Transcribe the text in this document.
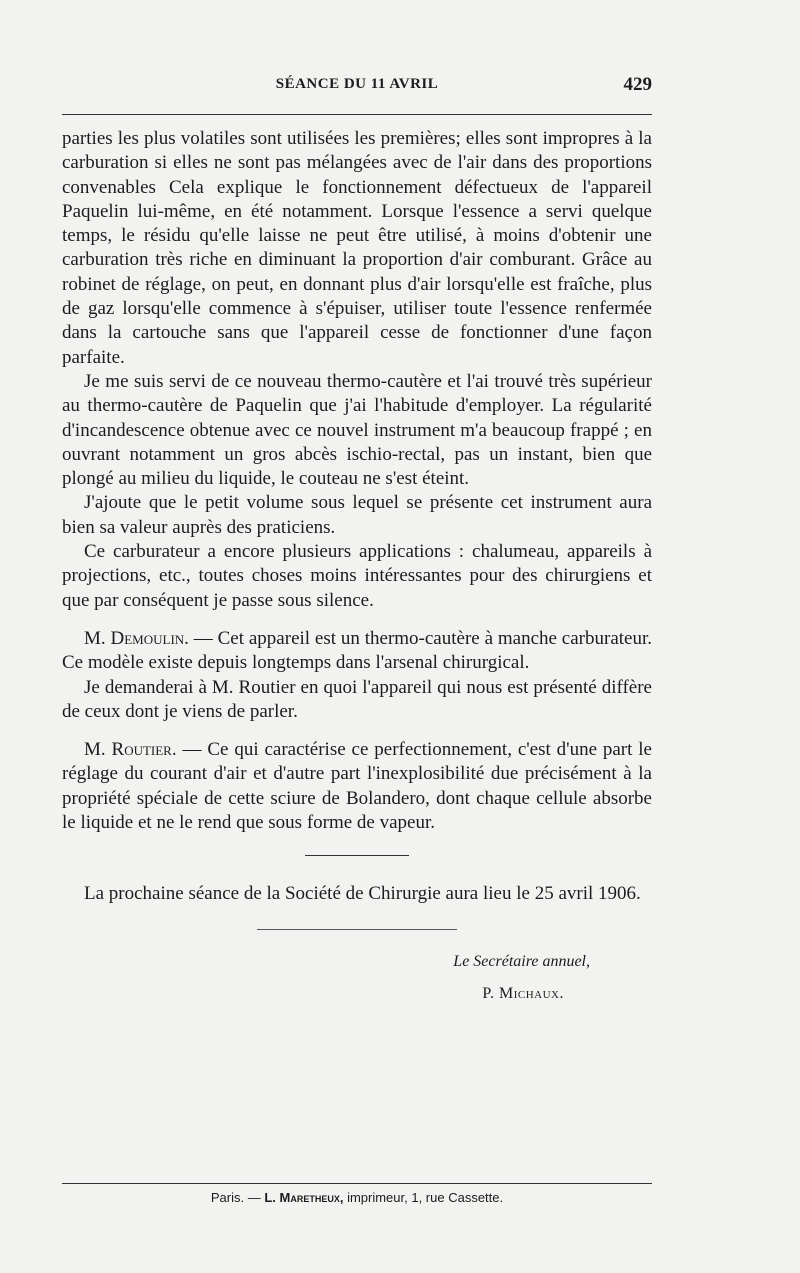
SÉANCE DU 11 AVRIL	429

parties les plus volatiles sont utilisées les premières; elles sont impropres à la carburation si elles ne sont pas mélangées avec de l'air dans des proportions convenables Cela explique le fonctionnement défectueux de l'appareil Paquelin lui-même, en été notamment. Lorsque l'essence a servi quelque temps, le résidu qu'elle laisse ne peut être utilisé, à moins d'obtenir une carburation très riche en diminuant la proportion d'air comburant. Grâce au robinet de réglage, on peut, en donnant plus d'air lorsqu'elle est fraîche, plus de gaz lorsqu'elle commence à s'épuiser, utiliser toute l'essence renfermée dans la cartouche sans que l'appareil cesse de fonctionner d'une façon parfaite.

Je me suis servi de ce nouveau thermo-cautère et l'ai trouvé très supérieur au thermo-cautère de Paquelin que j'ai l'habitude d'employer. La régularité d'incandescence obtenue avec ce nouvel instrument m'a beaucoup frappé ; en ouvrant notamment un gros abcès ischio-rectal, pas un instant, bien que plongé au milieu du liquide, le couteau ne s'est éteint.

J'ajoute que le petit volume sous lequel se présente cet instrument aura bien sa valeur auprès des praticiens.

Ce carburateur a encore plusieurs applications : chalumeau, appareils à projections, etc., toutes choses moins intéressantes pour des chirurgiens et que par conséquent je passe sous silence.

M. Demoulin. — Cet appareil est un thermo-cautère à manche carburateur. Ce modèle existe depuis longtemps dans l'arsenal chirurgical.

Je demanderai à M. Routier en quoi l'appareil qui nous est présenté diffère de ceux dont je viens de parler.

M. Routier. — Ce qui caractérise ce perfectionnement, c'est d'une part le réglage du courant d'air et d'autre part l'inexplosibilité due précisément à la propriété spéciale de cette sciure de Bolandero, dont chaque cellule absorbe le liquide et ne le rend que sous forme de vapeur.

La prochaine séance de la Société de Chirurgie aura lieu le 25 avril 1906.

Le Secrétaire annuel,
P. Michaux.
Paris. — L. Maretheux, imprimeur, 1, rue Cassette.
